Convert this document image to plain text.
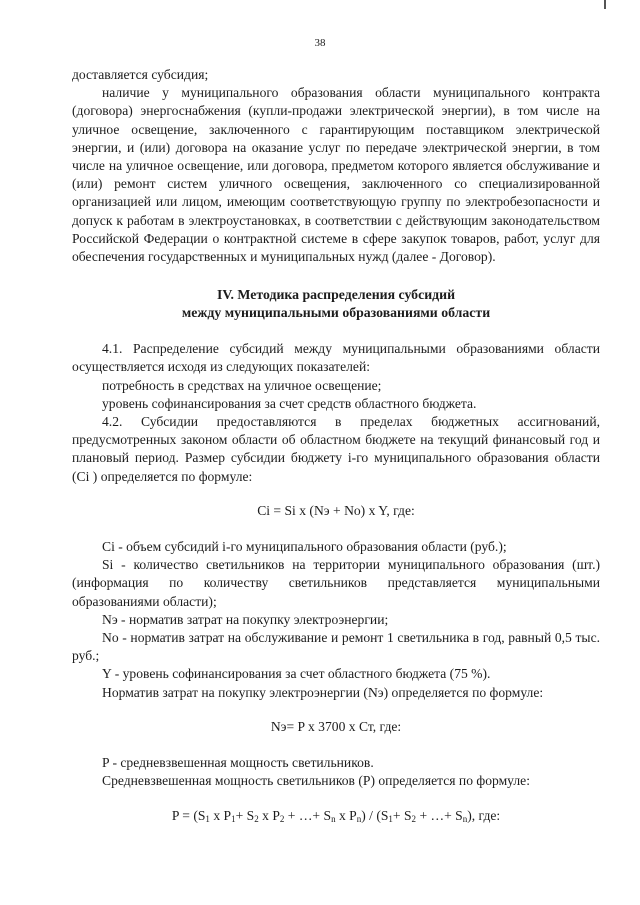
38

доставляется субсидия;

наличие у муниципального образования области муниципального контракта (договора) энергоснабжения (купли-продажи электрической энергии), в том числе на уличное освещение, заключенного с гарантирующим поставщиком электрической энергии, и (или) договора на оказание услуг по передаче электрической энергии, в том числе на уличное освещение, или договора, предметом которого является обслуживание и (или) ремонт систем уличного освещения, заключенного со специализированной организацией или лицом, имеющим соответствующую группу по электробезопасности и допуск к работам в электроустановках, в соответствии с действующим законодательством Российской Федерации о контрактной системе в сфере закупок товаров, работ, услуг для обеспечения государственных и муниципальных нужд (далее - Договор).

IV. Методика распределения субсидий
между муниципальными образованиями области

4.1. Распределение субсидий между муниципальными образованиями области осуществляется исходя из следующих показателей:

потребность в средствах на уличное освещение;

уровень софинансирования за счет средств областного бюджета.

4.2. Субсидии предоставляются в пределах бюджетных ассигнований, предусмотренных законом области об областном бюджете на текущий финансовый год и плановый период. Размер субсидии бюджету i-го муниципального образования области (Ci ) определяется по формуле:

Ci = Si x (Nэ + No) x Y, где:

Ci - объем субсидий i-го муниципального образования области (руб.);

Si - количество светильников на территории муниципального образования (шт.) (информация по количеству светильников представляется муниципальными образованиями области);

Nэ - норматив затрат на покупку электроэнергии;

No - норматив затрат на обслуживание и ремонт 1 светильника в год, равный 0,5 тыс. руб.;

Y - уровень софинансирования за счет областного бюджета (75 %).

Норматив затрат на покупку электроэнергии (Nэ) определяется по формуле:

Nэ= P x 3700 x Ст, где:

P - средневзвешенная мощность светильников.

Средневзвешенная мощность светильников (P) определяется по формуле:

$P = (S_1$ x $P_1+ S_2$ x $P_2$ + …+ $S_n$ x $P_n) / (S_1+ S_2$ + …+ $S_n$), где:
